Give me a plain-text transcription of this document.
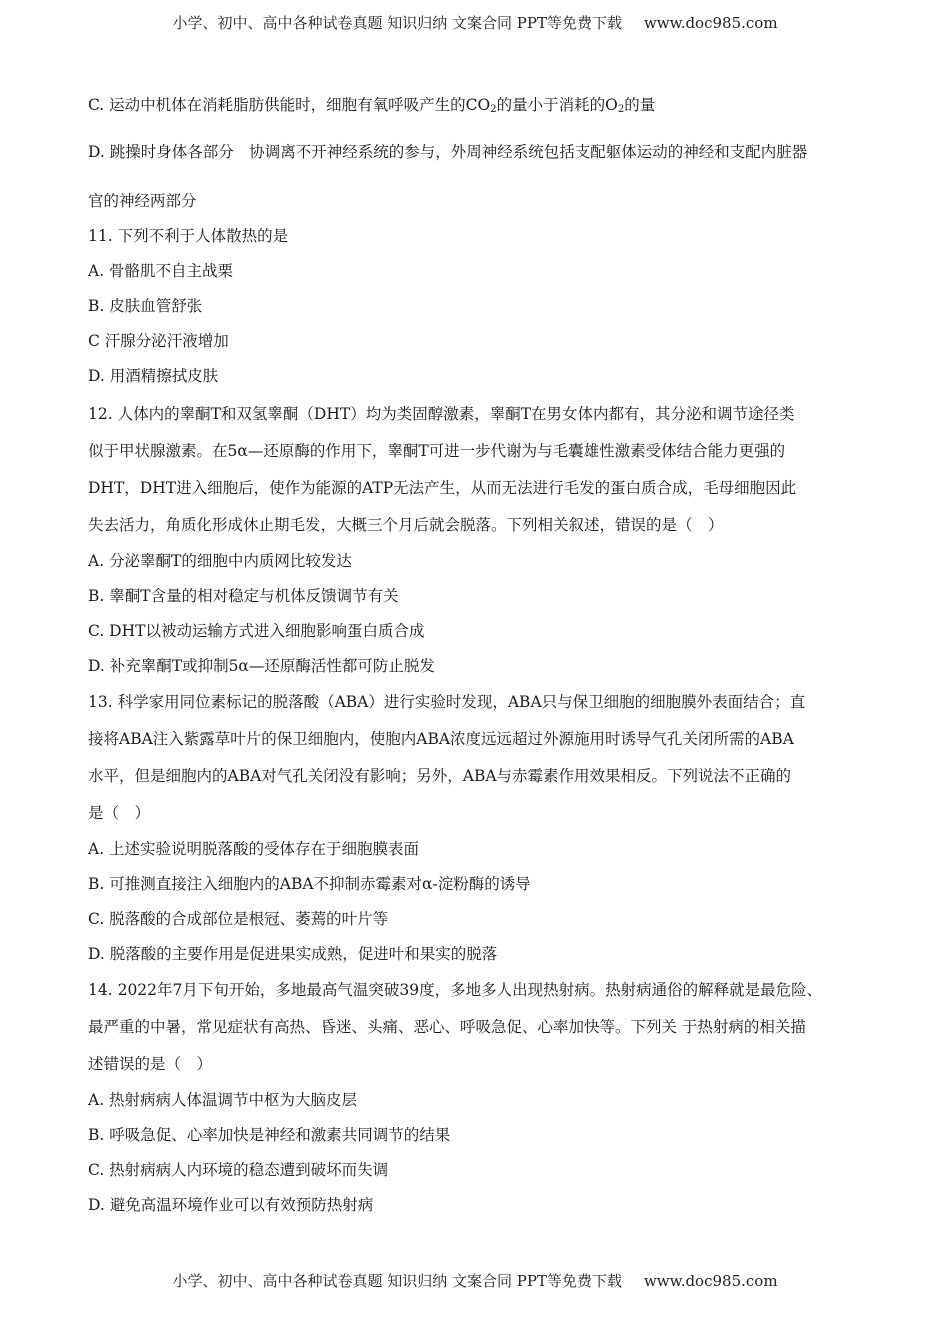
小学、初中、高中各种试卷真题 知识归纳 文案合同 PPT等免费下载 www.doc985.com
C. 运动中机体在消耗脂肪供能时，细胞有氧呼吸产生的$CO_2$的量小于消耗的$O_2$的量
D. 跳操时身体各部分　协调离不开神经系统的参与，外周神经系统包括支配躯体运动的神经和支配内脏器
官的神经两部分
11. 下列不利于人体散热的是
A. 骨骼肌不自主战栗
B. 皮肤血管舒张
C 汗腺分泌汗液增加
D. 用酒精擦拭皮肤
12. 人体内的睾酮T和双氢睾酮（DHT）均为类固醇激素，睾酮T在男女体内都有，其分泌和调节途径类
似于甲状腺激素。在5α—还原酶的作用下，睾酮T可进一步代谢为与毛囊雄性激素受体结合能力更强的
DHT，DHT进入细胞后，使作为能源的ATP无法产生，从而无法进行毛发的蛋白质合成，毛母细胞因此
失去活力，角质化形成休止期毛发，大概三个月后就会脱落。下列相关叙述，错误的是（　）
A. 分泌睾酮T的细胞中内质网比较发达
B. 睾酮T含量的相对稳定与机体反馈调节有关
C. DHT以被动运输方式进入细胞影响蛋白质合成
D. 补充睾酮T或抑制5α—还原酶活性都可防止脱发
13. 科学家用同位素标记的脱落酸（ABA）进行实验时发现，ABA只与保卫细胞的细胞膜外表面结合；直
接将ABA注入紫露草叶片的保卫细胞内，使胞内ABA浓度远远超过外源施用时诱导气孔关闭所需的ABA
水平，但是细胞内的ABA对气孔关闭没有影响；另外，ABA与赤霉素作用效果相反。下列说法不正确的
是（　）
A. 上述实验说明脱落酸的受体存在于细胞膜表面
B. 可推测直接注入细胞内的ABA不抑制赤霉素对α-淀粉酶的诱导
C. 脱落酸的合成部位是根冠、萎蔫的叶片等
D. 脱落酸的主要作用是促进果实成熟，促进叶和果实的脱落
14. 2022年7月下旬开始，多地最高气温突破39度，多地多人出现热射病。热射病通俗的解释就是最危险、
最严重的中暑，常见症状有高热、昏迷、头痛、恶心、呼吸急促、心率加快等。下列关 于热射病的相关描
述错误的是（　）
A. 热射病病人体温调节中枢为大脑皮层
B. 呼吸急促、心率加快是神经和激素共同调节的结果
C. 热射病病人内环境的稳态遭到破坏而失调
D. 避免高温环境作业可以有效预防热射病
小学、初中、高中各种试卷真题 知识归纳 文案合同 PPT等免费下载 www.doc985.com
